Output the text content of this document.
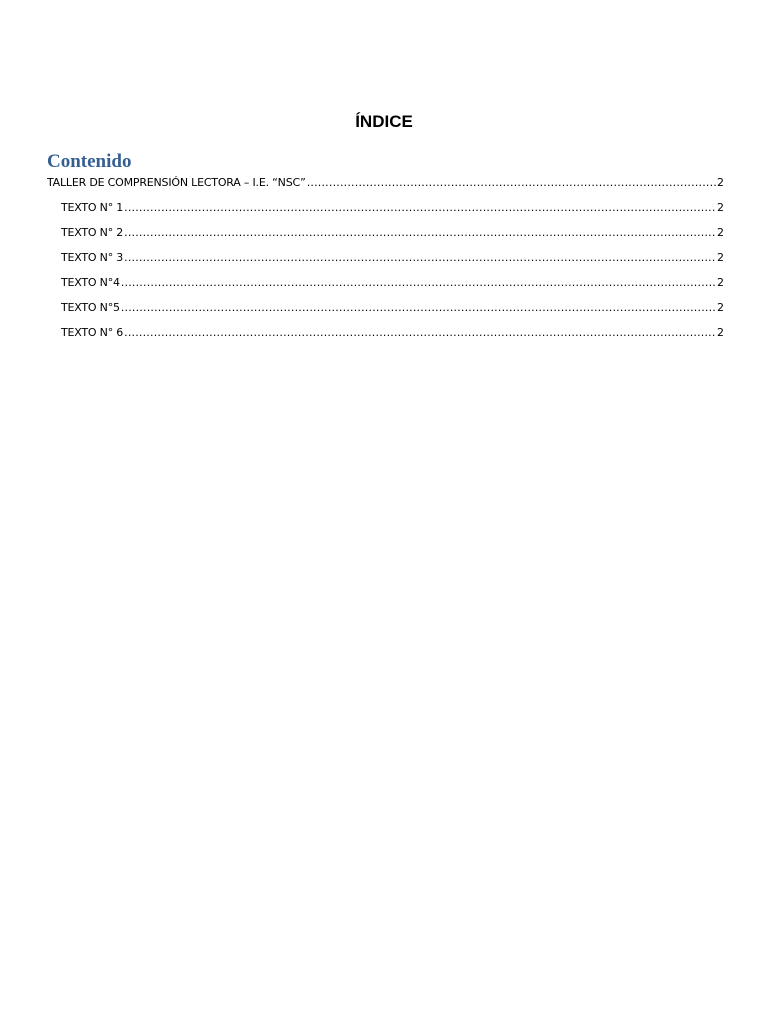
ÍNDICE
Contenido
TALLER DE COMPRENSIÓN LECTORA – I.E. “NSC” .....	2
TEXTO N° 1 .....	2
TEXTO N° 2 .....	2
TEXTO N° 3 .....	2
TEXTO N°4 .....	2
TEXTO N°5 .....	2
TEXTO N° 6 .....	2
